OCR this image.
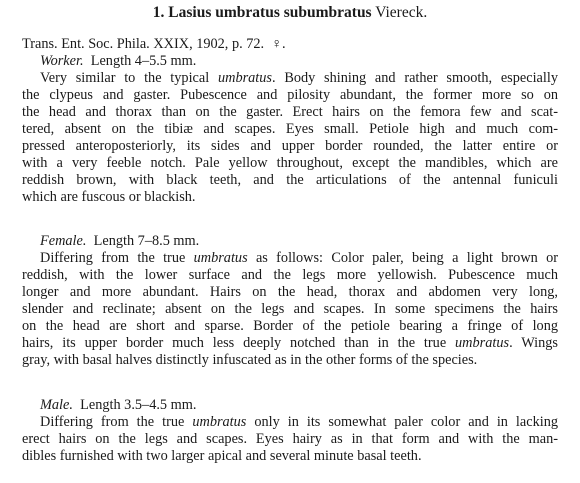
1. Lasius umbratus subumbratus Viereck.
Trans. Ent. Soc. Phila. XXIX, 1902, p. 72. ♀.
Worker. Length 4–5.5 mm.
Very similar to the typical umbratus. Body shining and rather smooth, especially
the clypeus and gaster. Pubescence and pilosity abundant, the former more so on
the head and thorax than on the gaster. Erect hairs on the femora few and scat-
tered, absent on the tibiæ and scapes. Eyes small. Petiole high and much com-
pressed anteroposteriorly, its sides and upper border rounded, the latter entire or
with a very feeble notch. Pale yellow throughout, except the mandibles, which are
reddish brown, with black teeth, and the articulations of the antennal funiculi
which are fuscous or blackish.
Female. Length 7–8.5 mm.
Differing from the true umbratus as follows: Color paler, being a light brown or
reddish, with the lower surface and the legs more yellowish. Pubescence much
longer and more abundant. Hairs on the head, thorax and abdomen very long,
slender and reclinate; absent on the legs and scapes. In some specimens the hairs
on the head are short and sparse. Border of the petiole bearing a fringe of long
hairs, its upper border much less deeply notched than in the true umbratus. Wings
gray, with basal halves distinctly infuscated as in the other forms of the species.
Male. Length 3.5–4.5 mm.
Differing from the true umbratus only in its somewhat paler color and in lacking
erect hairs on the legs and scapes. Eyes hairy as in that form and with the man-
dibles furnished with two larger apical and several minute basal teeth.
